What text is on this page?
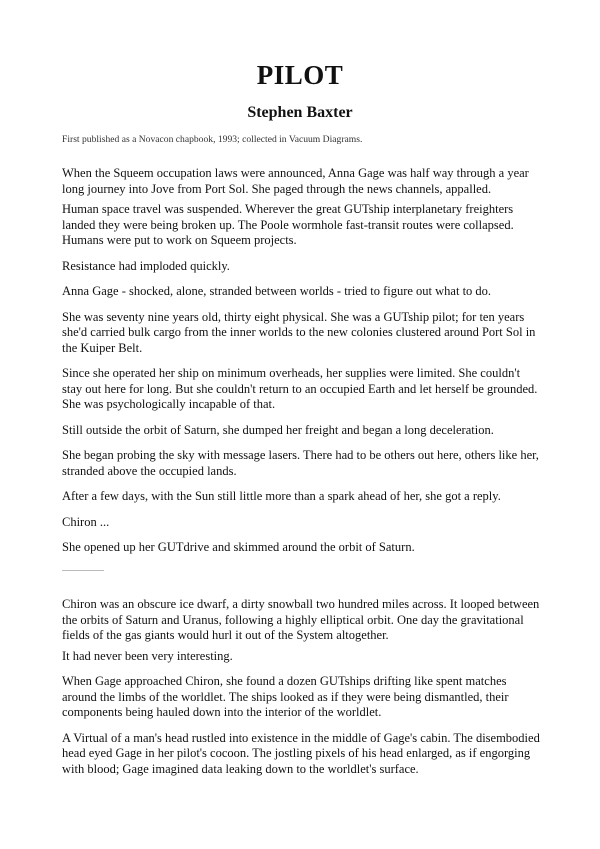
PILOT
Stephen Baxter
First published as a Novacon chapbook, 1993; collected in Vacuum Diagrams.

When the Squeem occupation laws were announced, Anna Gage was half way through a year long journey into Jove from Port Sol. She paged through the news channels, appalled.

Human space travel was suspended. Wherever the great GUTship interplanetary freighters landed they were being broken up. The Poole wormhole fast-transit routes were collapsed. Humans were put to work on Squeem projects.

Resistance had imploded quickly.

Anna Gage - shocked, alone, stranded between worlds - tried to figure out what to do.

She was seventy nine years old, thirty eight physical. She was a GUTship pilot; for ten years she'd carried bulk cargo from the inner worlds to the new colonies clustered around Port Sol in the Kuiper Belt.

Since she operated her ship on minimum overheads, her supplies were limited. She couldn't stay out here for long. But she couldn't return to an occupied Earth and let herself be grounded. She was psychologically incapable of that.

Still outside the orbit of Saturn, she dumped her freight and began a long deceleration.

She began probing the sky with message lasers. There had to be others out here, others like her, stranded above the occupied lands.

After a few days, with the Sun still little more than a spark ahead of her, she got a reply.

Chiron ...

She opened up her GUTdrive and skimmed around the orbit of Saturn.

Chiron was an obscure ice dwarf, a dirty snowball two hundred miles across. It looped between the orbits of Saturn and Uranus, following a highly elliptical orbit. One day the gravitational fields of the gas giants would hurl it out of the System altogether.

It had never been very interesting.

When Gage approached Chiron, she found a dozen GUTships drifting like spent matches around the limbs of the worldlet. The ships looked as if they were being dismantled, their components being hauled down into the interior of the worldlet.

A Virtual of a man's head rustled into existence in the middle of Gage's cabin. The disembodied head eyed Gage in her pilot's cocoon. The jostling pixels of his head enlarged, as if engorging with blood; Gage imagined data leaking down to the worldlet's surface.
